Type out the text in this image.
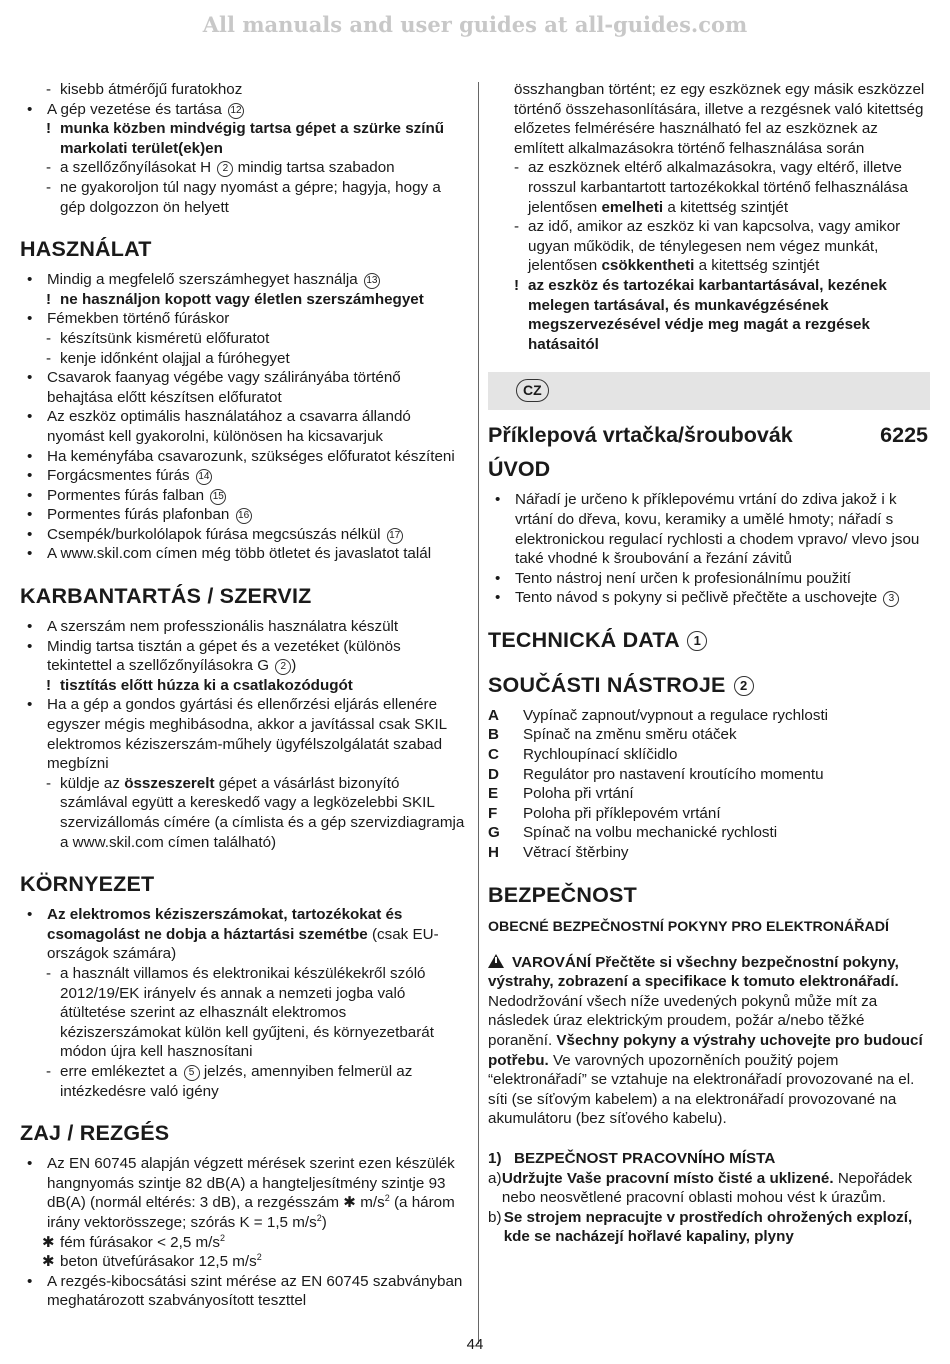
All manuals and user guides at all-guides.com
- kisebb átmérőjű furatokhoz
• A gép vezetése és tartása 12
! munka közben mindvégig tartsa gépet a szürke színű markolati terület(ek)en
- a szellőzőnyílásokat H 2 mindig tartsa szabadon
- ne gyakoroljon túl nagy nyomást a gépre; hagyja, hogy a gép dolgozzon ön helyett
HASZNÁLAT
• Mindig a megfelelő szerszámhegyet használja 13
! ne használjon kopott vagy életlen szerszámhegyet
• Fémekben történő fúráskor
- készítsünk kisméretü előfuratot
- kenje időnként olajjal a fúróhegyet
• Csavarok faanyag végébe vagy szálirányába történő behajtása előtt készítsen előfuratot
• Az eszköz optimális használatához a csavarra állandó nyomást kell gyakorolni, különösen ha kicsavarjuk
• Ha keményfába csavarozunk, szükséges előfuratot készíteni
• Forgácsmentes fúrás 14
• Pormentes fúrás falban 15
• Pormentes fúrás plafonban 16
• Csempék/burkolólapok fúrása megcsúszás nélkül 17
• A www.skil.com címen még több ötletet és javaslatot talál
KARBANTARTÁS / SZERVIZ
• A szerszám nem professzionális használatra készült
• Mindig tartsa tisztán a gépet és a vezetéket (különös tekintettel a szellőzőnyílásokra G 2 )
! tisztítás előtt húzza ki a csatlakozódugót
• Ha a gép a gondos gyártási és ellenőrzési eljárás ellenére egyszer mégis meghibásodna, akkor a javítással csak SKIL elektromos kéziszerszám-műhely ügyfélszolgálatát szabad megbízni
- küldje az összeszerelt gépet a vásárlást bizonyító számlával együtt a kereskedő vagy a legközelebbi SKIL szervizállomás címére (a címlista és a gép szervizdiagramja a www.skil.com címen található)
KÖRNYEZET
• Az elektromos kéziszerszámokat, tartozékokat és csomagolást ne dobja a háztartási szemétbe (csak EU-országok számára)
- a használt villamos és elektronikai készülékekről szóló 2012/19/EK irányelv és annak a nemzeti jogba való átültetése szerint az elhasznált elektromos kéziszerszámokat külön kell gyűjteni, és környezetbarát módon újra kell hasznosítani
- erre emlékeztet a 5 jelzés, amennyiben felmerül az intézkedésre való igény
ZAJ / REZGÉS
• Az EN 60745 alapján végzett mérések szerint ezen készülék hangnyomás szintje 82 dB(A) a hangteljesítmény szintje 93 dB(A) (normál eltérés: 3 dB), a rezgésszám ✱ $m/s^2$ (a három irány vektorösszege; szórás K = 1,5 $m/s^2$)
✱ fém fúrásakor < 2,5 $m/s^2$
✱ beton ütvefúrásakor 12,5 $m/s^2$
• A rezgés-kibocsátási szint mérése az EN 60745 szabványban meghatározott szabványosított teszttel
összhangban történt; ez egy eszköznek egy másik eszközzel történő összehasonlítására, illetve a rezgésnek való kitettség előzetes felmérésére használható fel az eszköznek az említett alkalmazásokra történő felhasználása során
- az eszköznek eltérő alkalmazásokra, vagy eltérő, illetve rosszul karbantartott tartozékokkal történő felhasználása jelentősen emelheti a kitettség szintjét
- az idő, amikor az eszköz ki van kapcsolva, vagy amikor ugyan működik, de ténylegesen nem végez munkát, jelentősen csökkentheti a kitettség szintjét
! az eszköz és tartozékai karbantartásával, kezének melegen tartásával, és munkavégzésének megszervezésével védje meg magát a rezgések hatásaitól
CZ
Příklepová vrtačka/šroubovák	6225
ÚVOD
• Nářadí je určeno k příklepovému vrtání do zdiva jakož i k vrtání do dřeva, kovu, keramiky a umělé hmoty; nářadí s elektronickou regulací rychlosti a chodem vpravo/ vlevo jsou také vhodné k šroubování a řezání závitů
• Tento nástroj není určen k profesionálnímu použití
• Tento návod s pokyny si pečlivě přečtěte a uschovejte 3
TECHNICKÁ DATA 1
SOUČÁSTI NÁSTROJE 2
A	Vypínač zapnout/vypnout a regulace rychlosti
B	Spínač na změnu směru otáček
C	Rychloupínací sklíčidlo
D	Regulátor pro nastavení kroutícího momentu
E	Poloha při vrtání
F	Poloha při příklepovém vrtání
G	Spínač na volbu mechanické rychlosti
H	Větrací štěrbiny
BEZPEČNOST
OBECNÉ BEZPEČNOSTNÍ POKYNY PRO ELEKTRONÁŘADÍ
VAROVÁNÍ Přečtěte si všechny bezpečnostní pokyny, výstrahy, zobrazení a specifikace k tomuto elektronářadí. Nedodržování všech níže uvedených pokynů může mít za následek úraz elektrickým proudem, požár a/nebo těžké poranění. Všechny pokyny a výstrahy uchovejte pro budoucí potřebu. Ve varovných upozorněních použitý pojem “elektronářadí” se vztahuje na elektronářadí provozované na el. síti (se síťovým kabelem) a na elektronářadí provozované na akumulátoru (bez síťového kabelu).
1) BEZPEČNOST PRACOVNÍHO MÍSTA
a) Udržujte Vaše pracovní místo čisté a uklizené. Nepořádek nebo neosvětlené pracovní oblasti mohou vést k úrazům.
b) Se strojem nepracujte v prostředích ohrožených explozí, kde se nacházejí hořlavé kapaliny, plyny
44
